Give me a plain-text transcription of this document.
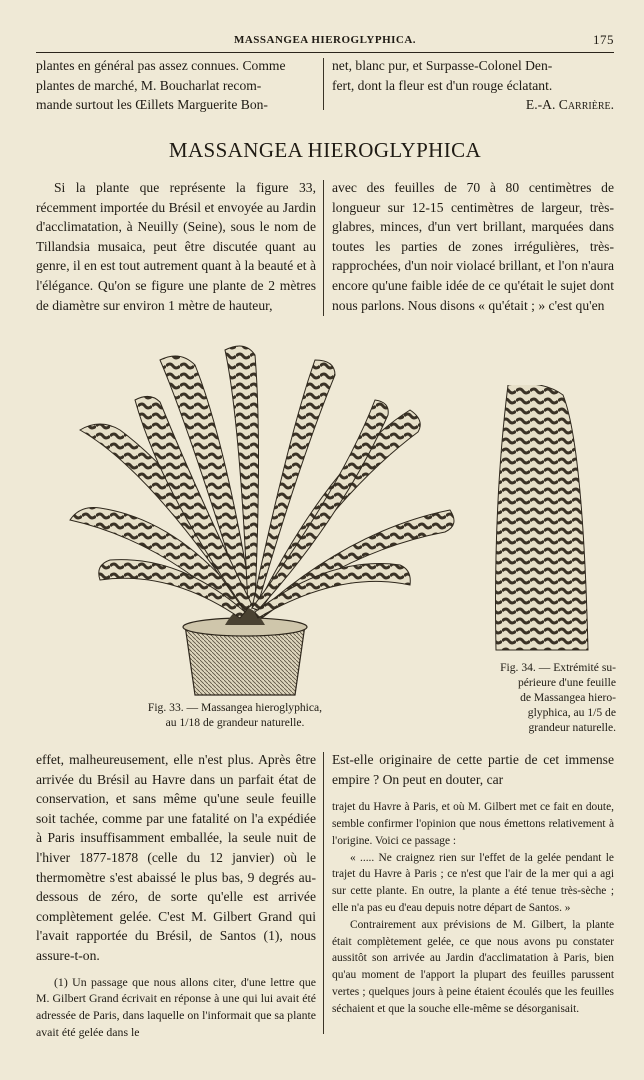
MASSANGEA HIEROGLYPHICA.	175

plantes en général pas assez connues. Comme

plantes de marché, M. Boucharlat recom-

mande surtout les Œillets Marguerite Bon-

net, blanc pur, et Surpasse-Colonel Den-

fert, dont la fleur est d'un rouge éclatant.

E.-A. Carrière.

MASSANGEA HIEROGLYPHICA

Si la plante que représente la figure 33, récemment importée du Brésil et envoyée au Jardin d'acclimatation, à Neuilly (Seine), sous le nom de Tillandsia musaica, peut être discutée quant au genre, il en est tout autrement quant à la beauté et à l'élégance. Qu'on se figure une plante de 2 mètres de diamètre sur environ 1 mètre de hauteur,

avec des feuilles de 70 à 80 centimètres de longueur sur 12-15 centimètres de largeur, très-glabres, minces, d'un vert brillant, marquées dans toutes les parties de zones irrégulières, très-rapprochées, d'un noir violacé brillant, et l'on n'aura encore qu'une faible idée de ce qu'était le sujet dont nous parlons. Nous disons « qu'était ; » c'est qu'en

Fig. 33. — Massangea hieroglyphica,
au 1/18 de grandeur naturelle.
Fig. 34. — Extrémité su-
périeure d'une feuille
de Massangea hiero-
glyphica, au 1/5 de
grandeur naturelle.

effet, malheureusement, elle n'est plus. Après être arrivée du Brésil au Havre dans un parfait état de conservation, et sans même qu'une seule feuille soit tachée, comme par une fatalité on l'a expédiée à Paris insuffisamment emballée, la seule nuit de l'hiver 1877-1878 (celle du 12 janvier) où le thermomètre s'est abaissé le plus bas, 9 degrés au-dessous de zéro, de sorte qu'elle est arrivée complètement gelée. C'est M. Gilbert Grand qui l'avait rapportée du Brésil, de Santos (1), nous assure-t-on.

(1) Un passage que nous allons citer, d'une lettre que M. Gilbert Grand écrivait en réponse à une qui lui avait été adressée de Paris, dans laquelle on l'informait que sa plante avait été gelée dans le

Est-elle originaire de cette partie de cet immense empire ? On peut en douter, car

trajet du Havre à Paris, et où M. Gilbert met ce fait en doute, semble confirmer l'opinion que nous émettons relativement à l'origine. Voici ce passage :

« ..... Ne craignez rien sur l'effet de la gelée pendant le trajet du Havre à Paris ; ce n'est que l'air de la mer qui a agi sur cette plante. En outre, la plante a été tenue très-sèche ; elle n'a pas eu d'eau depuis notre départ de Santos. »

Contrairement aux prévisions de M. Gilbert, la plante était complètement gelée, ce que nous avons pu constater aussitôt son arrivée au Jardin d'acclimatation à Paris, bien qu'au moment de l'apport la plupart des feuilles parussent vertes ; quelques jours à peine étaient écoulés que les feuilles séchaient et que la souche elle-même se désorganisait.
